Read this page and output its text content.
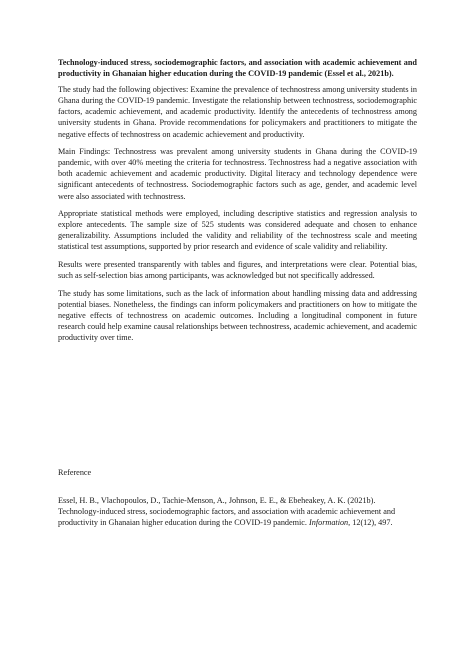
Technology-induced stress, sociodemographic factors, and association with academic achievement and productivity in Ghanaian higher education during the COVID-19 pandemic (Essel et al., 2021b).

The study had the following objectives: Examine the prevalence of technostress among university students in Ghana during the COVID-19 pandemic. Investigate the relationship between technostress, sociodemographic factors, academic achievement, and academic productivity. Identify the antecedents of technostress among university students in Ghana. Provide recommendations for policymakers and practitioners to mitigate the negative effects of technostress on academic achievement and productivity.

Main Findings: Technostress was prevalent among university students in Ghana during the COVID-19 pandemic, with over 40% meeting the criteria for technostress. Technostress had a negative association with both academic achievement and academic productivity. Digital literacy and technology dependence were significant antecedents of technostress. Sociodemographic factors such as age, gender, and academic level were also associated with technostress.

Appropriate statistical methods were employed, including descriptive statistics and regression analysis to explore antecedents. The sample size of 525 students was considered adequate and chosen to enhance generalizability. Assumptions included the validity and reliability of the technostress scale and meeting statistical test assumptions, supported by prior research and evidence of scale validity and reliability.

Results were presented transparently with tables and figures, and interpretations were clear. Potential bias, such as self-selection bias among participants, was acknowledged but not specifically addressed.

The study has some limitations, such as the lack of information about handling missing data and addressing potential biases. Nonetheless, the findings can inform policymakers and practitioners on how to mitigate the negative effects of technostress on academic outcomes. Including a longitudinal component in future research could help examine causal relationships between technostress, academic achievement, and academic productivity over time.

Reference
Essel, H. B., Vlachopoulos, D., Tachie-Menson, A., Johnson, E. E., & Ebeheakey, A. K. (2021b). Technology-induced stress, sociodemographic factors, and association with academic achievement and productivity in Ghanaian higher education during the COVID-19 pandemic. Information, 12(12), 497.
